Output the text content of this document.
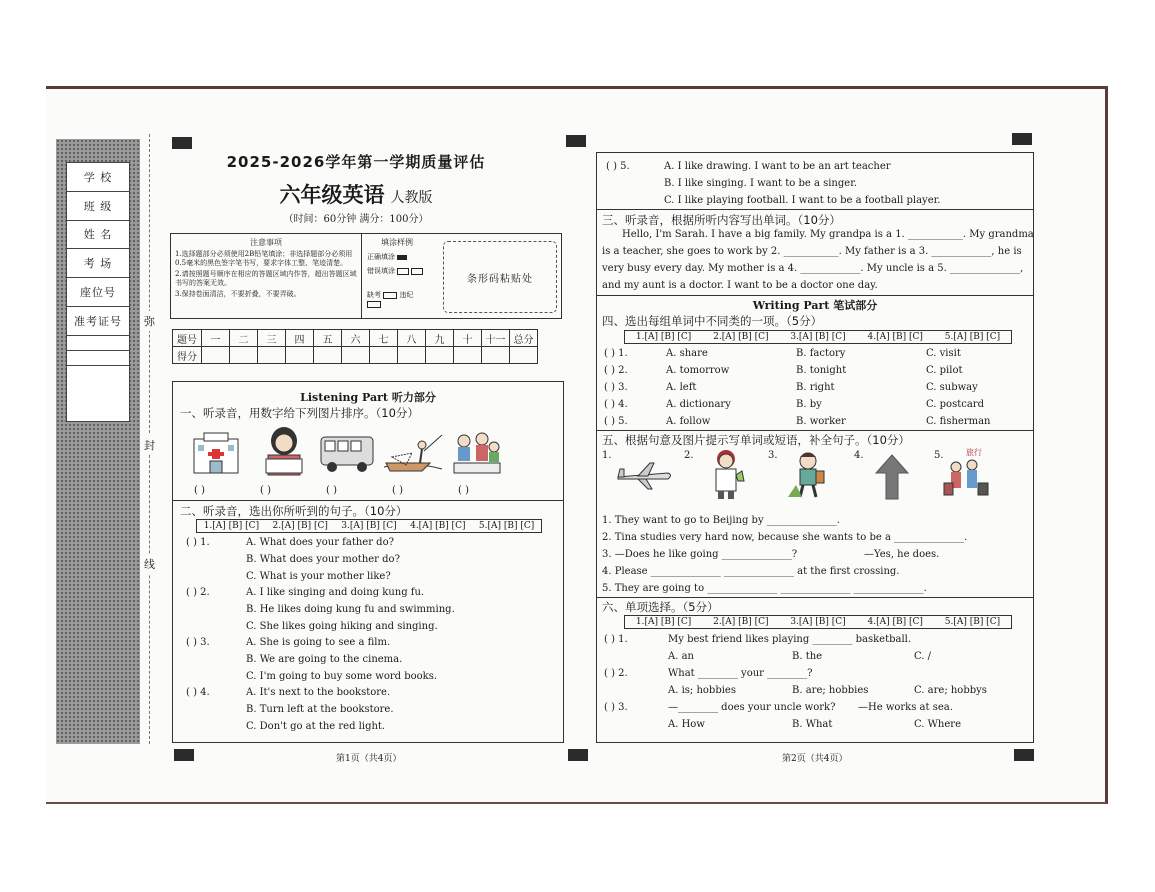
学 校
班 级
姓 名
考 场
座位号
准考证号	弥
封
线
2025-2026学年第一学期质量评估
六年级英语 人教版
（时间：60分钟 满分：100分）
注意事项
1.选择题部分必须使用2B铅笔填涂；非选择题部分必须用0.5毫米的黑色签字笔书写，要求字体工整、笔迹清楚。
2.请按照题号顺序在相应的答题区域内作答，超出答题区域书写的答案无效。
3.保持卷面清洁，不要折叠，不要弄破。
填涂样例
正确填涂
错误填涂
缺考	违纪
条形码粘贴处
题号	一	二	三	四	五	六	七	八	九	十	十一	总分
得分												
Listening Part 听力部分
一、听录音，用数字给下列图片排序。（10分）
( )	( )	( )	( )	( )
二、听录音，选出你所听到的句子。（10分）
1.[A] [B] [C]	2.[A] [B] [C]	3.[A] [B] [C]	4.[A] [B] [C]	5.[A] [B] [C]
( ) 1.	A. What does your father do?
B. What does your mother do?
C. What is your mother like?
( ) 2.	A. I like singing and doing kung fu.
B. He likes doing kung fu and swimming.
C. She likes going hiking and singing.
( ) 3.	A. She is going to see a film.
B. We are going to the cinema.
C. I'm going to buy some word books.
( ) 4.	A. It's next to the bookstore.
B. Turn left at the bookstore.
C. Don't go at the red light.
第1页（共4页）
( ) 5.	A. I like drawing. I want to be an art teacher
B. I like singing. I want to be a singer.
C. I like playing football. I want to be a football player.
三、听录音，根据所听内容写出单词。（10分）
Hello, I'm Sarah. I have a big family. My grandpa is a 1. ___________. My grandma
is a teacher, she goes to work by 2. ___________. My father is a 3. ____________, he is
very busy every day. My mother is a 4. ____________. My uncle is a 5. ______________,
and my aunt is a doctor. I want to be a doctor one day.
Writing Part 笔试部分
四、选出每组单词中不同类的一项。（5分）
1.[A] [B] [C]	2.[A] [B] [C]	3.[A] [B] [C]	4.[A] [B] [C]	5.[A] [B] [C]
( ) 1.	A. share	B. factory	C. visit
( ) 2.	A. tomorrow	B. tonight	C. pilot
( ) 3.	A. left	B. right	C. subway
( ) 4.	A. dictionary	B. by	C. postcard
( ) 5.	A. follow	B. worker	C. fisherman
五、根据句意及图片提示写单词或短语，补全句子。（10分）
1.	2.	3.	4.	5.	旅行
1. They want to go to Beijing by ______________.
2. Tina studies very hard now, because she wants to be a ______________.
3. —Does he like going ______________?	—Yes, he does.
4. Please ______________ ______________ at the first crossing.
5. They are going to ______________ ______________ ______________.
六、单项选择。（5分）
1.[A] [B] [C]	2.[A] [B] [C]	3.[A] [B] [C]	4.[A] [B] [C]	5.[A] [B] [C]
( ) 1.	My best friend likes playing ________ basketball.
A. an	B. the	C. /
( ) 2.	What ________ your ________?
A. is; hobbies	B. are; hobbies	C. are; hobbys
( ) 3.	—________ does your uncle work? —He works at sea.
A. How	B. What	C. Where
第2页（共4页）
